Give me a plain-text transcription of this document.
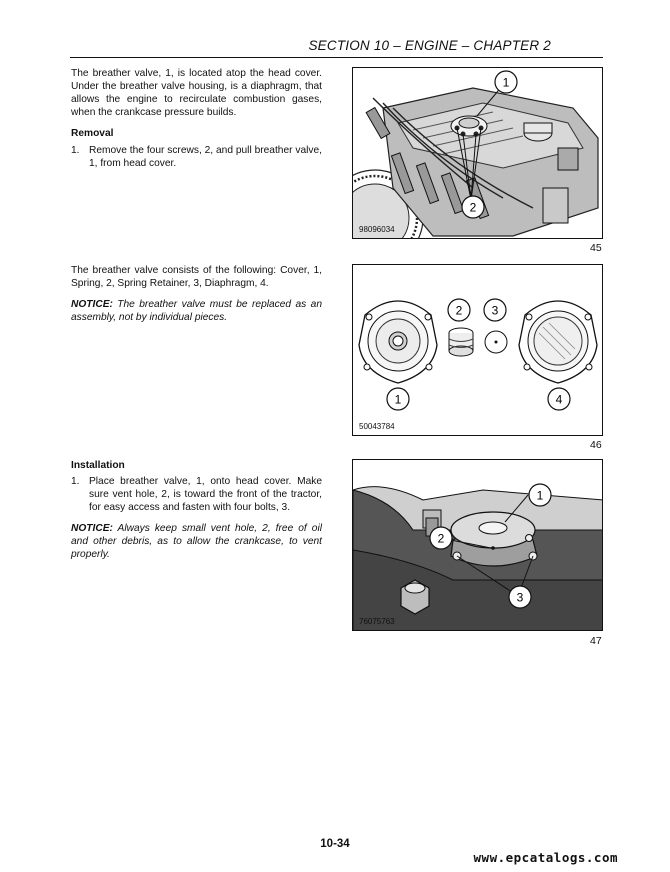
SECTION 10 – ENGINE – CHAPTER 2

The breather valve, 1, is located atop the head cover. Under the breather valve housing, is a diaphragm, that allows the engine to recirculate combustion gases, when the crankcase pressure builds.

Removal

1. Remove the four screws, 2, and pull breather valve, 1, from head cover.
1
2
98096034
45

The breather valve consists of the following: Cover, 1, Spring, 2, Spring Retainer, 3, Diaphragm, 4.

NOTICE: The breather valve must be replaced as an assembly, not by individual pieces.	2 3
1	4
50043784
46

Installation

1. Place breather valve, 1, onto head cover. Make sure vent hole, 2, is toward the front of the tractor, for easy access and fasten with four bolts, 3.

NOTICE: Always keep small vent hole, 2, free of oil and other debris, as to allow the crankcase, to vent properly.

1
2
3
76075763
47
10-34
www.epcatalogs.com
